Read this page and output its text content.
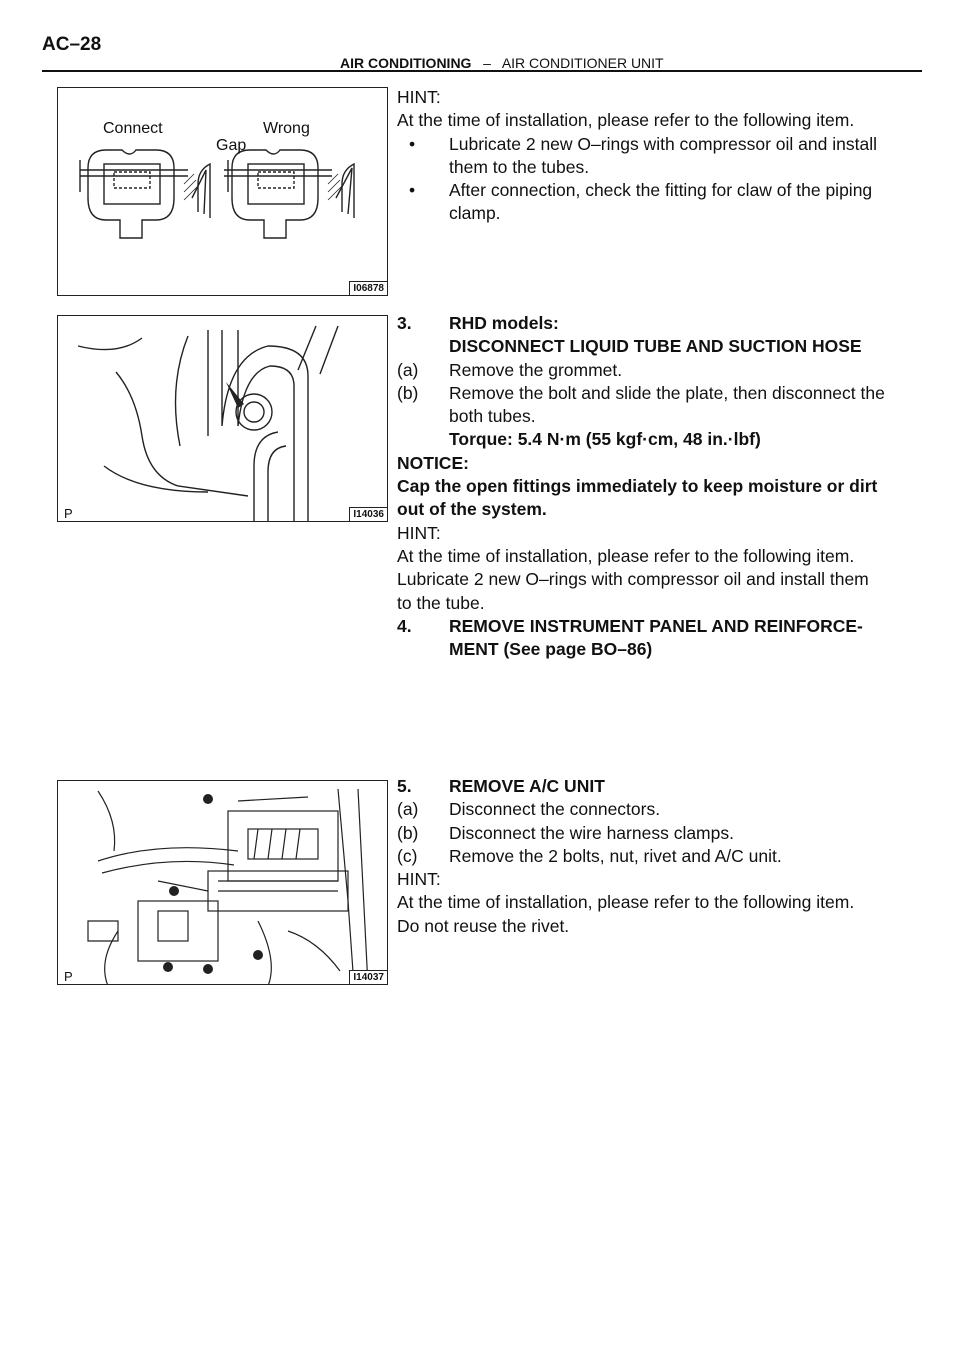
AC–28
AIR CONDITIONING – AIR CONDITIONER UNIT
Connect	Wrong
Gap
I06878
P	I14036
P	I14037
HINT:
At the time of installation, please refer to the following item.
• Lubricate 2 new O–rings with compressor oil and install
them to the tubes.
• After connection, check the fitting for claw of the piping
clamp.
3. RHD models:
DISCONNECT LIQUID TUBE AND SUCTION HOSE
(a) Remove the grommet.
(b) Remove the bolt and slide the plate, then disconnect the
both tubes.
Torque: 5.4 N·m (55 kgf·cm, 48 in.·lbf)
NOTICE:
Cap the open fittings immediately to keep moisture or dirt
out of the system.
HINT:
At the time of installation, please refer to the following item.
Lubricate 2 new O–rings with compressor oil and install them
to the tube.
4. REMOVE INSTRUMENT PANEL AND REINFORCE-
MENT (See page BO–86)
5. REMOVE A/C UNIT
(a) Disconnect the connectors.
(b) Disconnect the wire harness clamps.
(c) Remove the 2 bolts, nut, rivet and A/C unit.
HINT:
At the time of installation, please refer to the following item.
Do not reuse the rivet.
